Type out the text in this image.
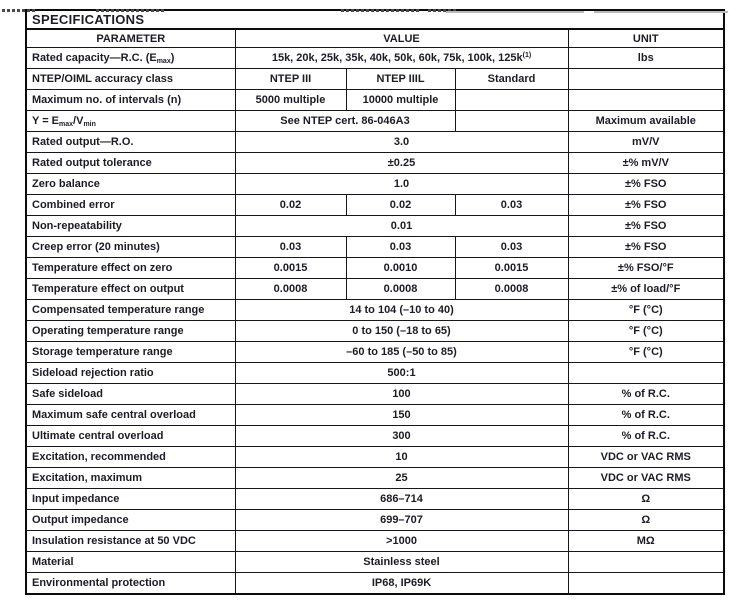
SPECIFICATIONS				
PARAMETER	VALUE			UNIT
Rated capacity—R.C. $(E_{max})$	15k, 20k, 25k, 35k, 40k, 50k, 60k, 75k, 100k, $125k^{(1)}$			lbs
NTEP/OIML accuracy class	NTEP III	NTEP IIIL	Standard	
Maximum no. of intervals (n)	5000 multiple	10000 multiple		
$Y = E_{max}/V_{min}$	See NTEP cert. 86-046A3			Maximum available
Rated output—R.O.	3.0			mV/V
Rated output tolerance	±0.25			±% mV/V
Zero balance	1.0			±% FSO
Combined error	0.02	0.02	0.03	±% FSO
Non-repeatability	0.01			±% FSO
Creep error (20 minutes)	0.03	0.03	0.03	±% FSO
Temperature effect on zero	0.0015	0.0010	0.0015	±% FSO/°F
Temperature effect on output	0.0008	0.0008	0.0008	±% of load/°F
Compensated temperature range	14 to 104 (–10 to 40)			°F (°C)
Operating temperature range	0 to 150 (–18 to 65)			°F (°C)
Storage temperature range	–60 to 185 (–50 to 85)			°F (°C)
Sideload rejection ratio	500:1			
Safe sideload	100			% of R.C.
Maximum safe central overload	150			% of R.C.
Ultimate central overload	300			% of R.C.
Excitation, recommended	10			VDC or VAC RMS
Excitation, maximum	25			VDC or VAC RMS
Input impedance	686–714			Ω
Output impedance	699–707			Ω
Insulation resistance at 50 VDC	>1000			MΩ
Material	Stainless steel			
Environmental protection	IP68, IP69K			
